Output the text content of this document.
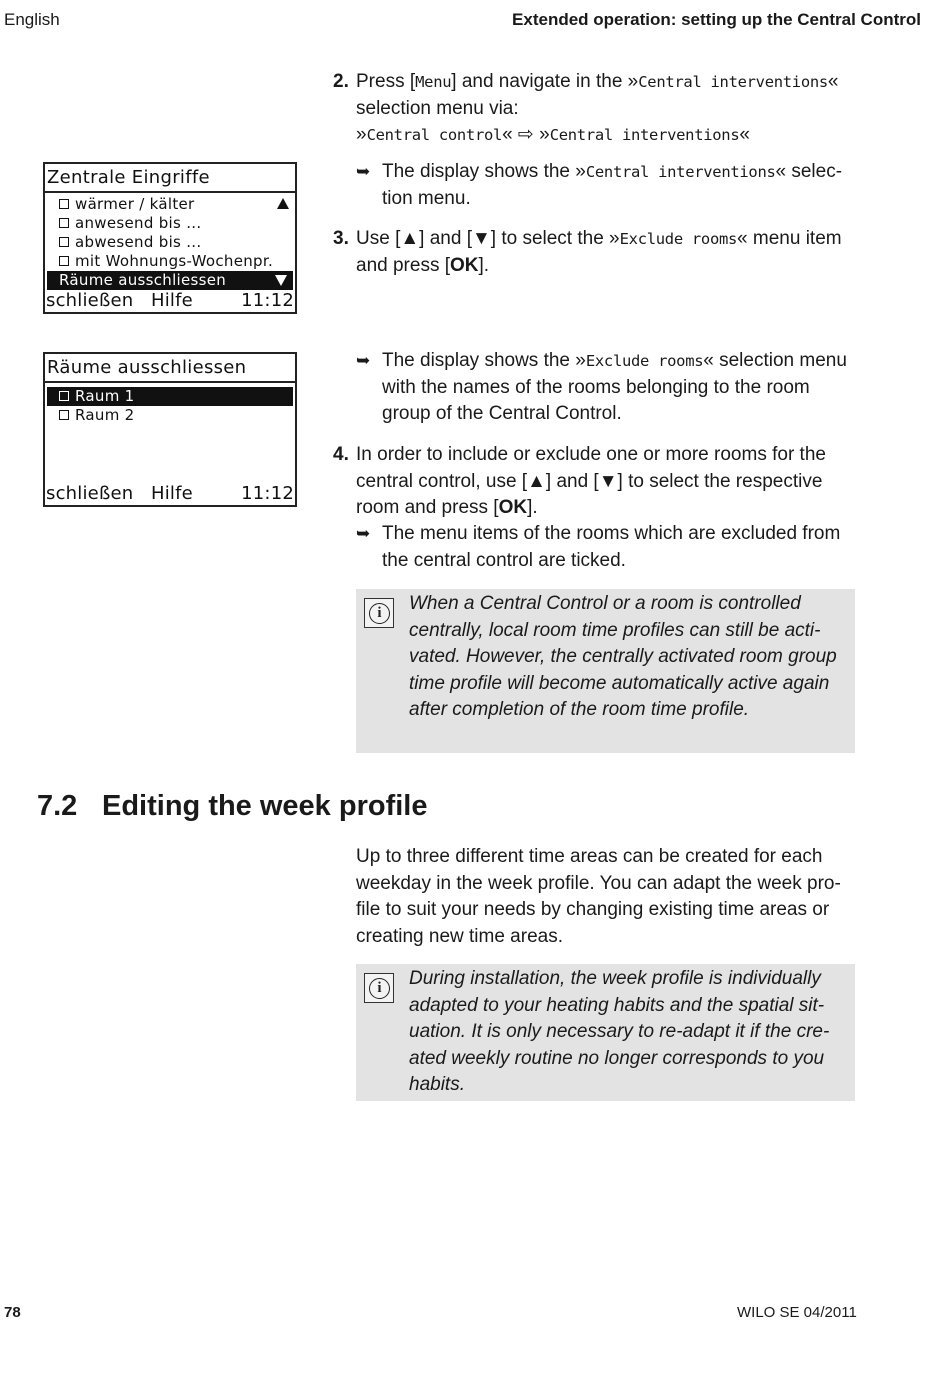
English	Extended operation: setting up the Central Control
Zentrale Eingriffe
wärmer / kälter
anwesend bis ...
abwesend bis ...
mit Wohnungs-Wochenpr.
Räume ausschliessen
schließen Hilfe	11:12
Räume ausschliessen
Raum 1
Raum 2
schließen Hilfe	11:12
2. Press [Menu] and navigate in the »Central interventions« selection menu via:
»Central control« ⇨ »Central interventions«
➥ The display shows the »Central interventions« selec-tion menu.
3. Use [▲] and [▼] to select the »Exclude rooms« menu item and press [OK].
➥ The display shows the »Exclude rooms« selection menu with the names of the rooms belonging to the room group of the Central Control.
4. In order to include or exclude one or more rooms for the central control, use [▲] and [▼] to select the respective room and press [OK].
➥ The menu items of the rooms which are excluded from the central control are ticked.
i	When a Central Control or a room is controlled centrally, local room time profiles can still be acti-vated. However, the centrally activated room group time profile will become automatically active again after completion of the room time profile.
7.2 Editing the week profile
Up to three different time areas can be created for each weekday in the week profile. You can adapt the week pro-file to suit your needs by changing existing time areas or creating new time areas.
i	During installation, the week profile is individually adapted to your heating habits and the spatial sit-uation. It is only necessary to re-adapt it if the cre-ated weekly routine no longer corresponds to you habits.
78	WILO SE 04/2011
